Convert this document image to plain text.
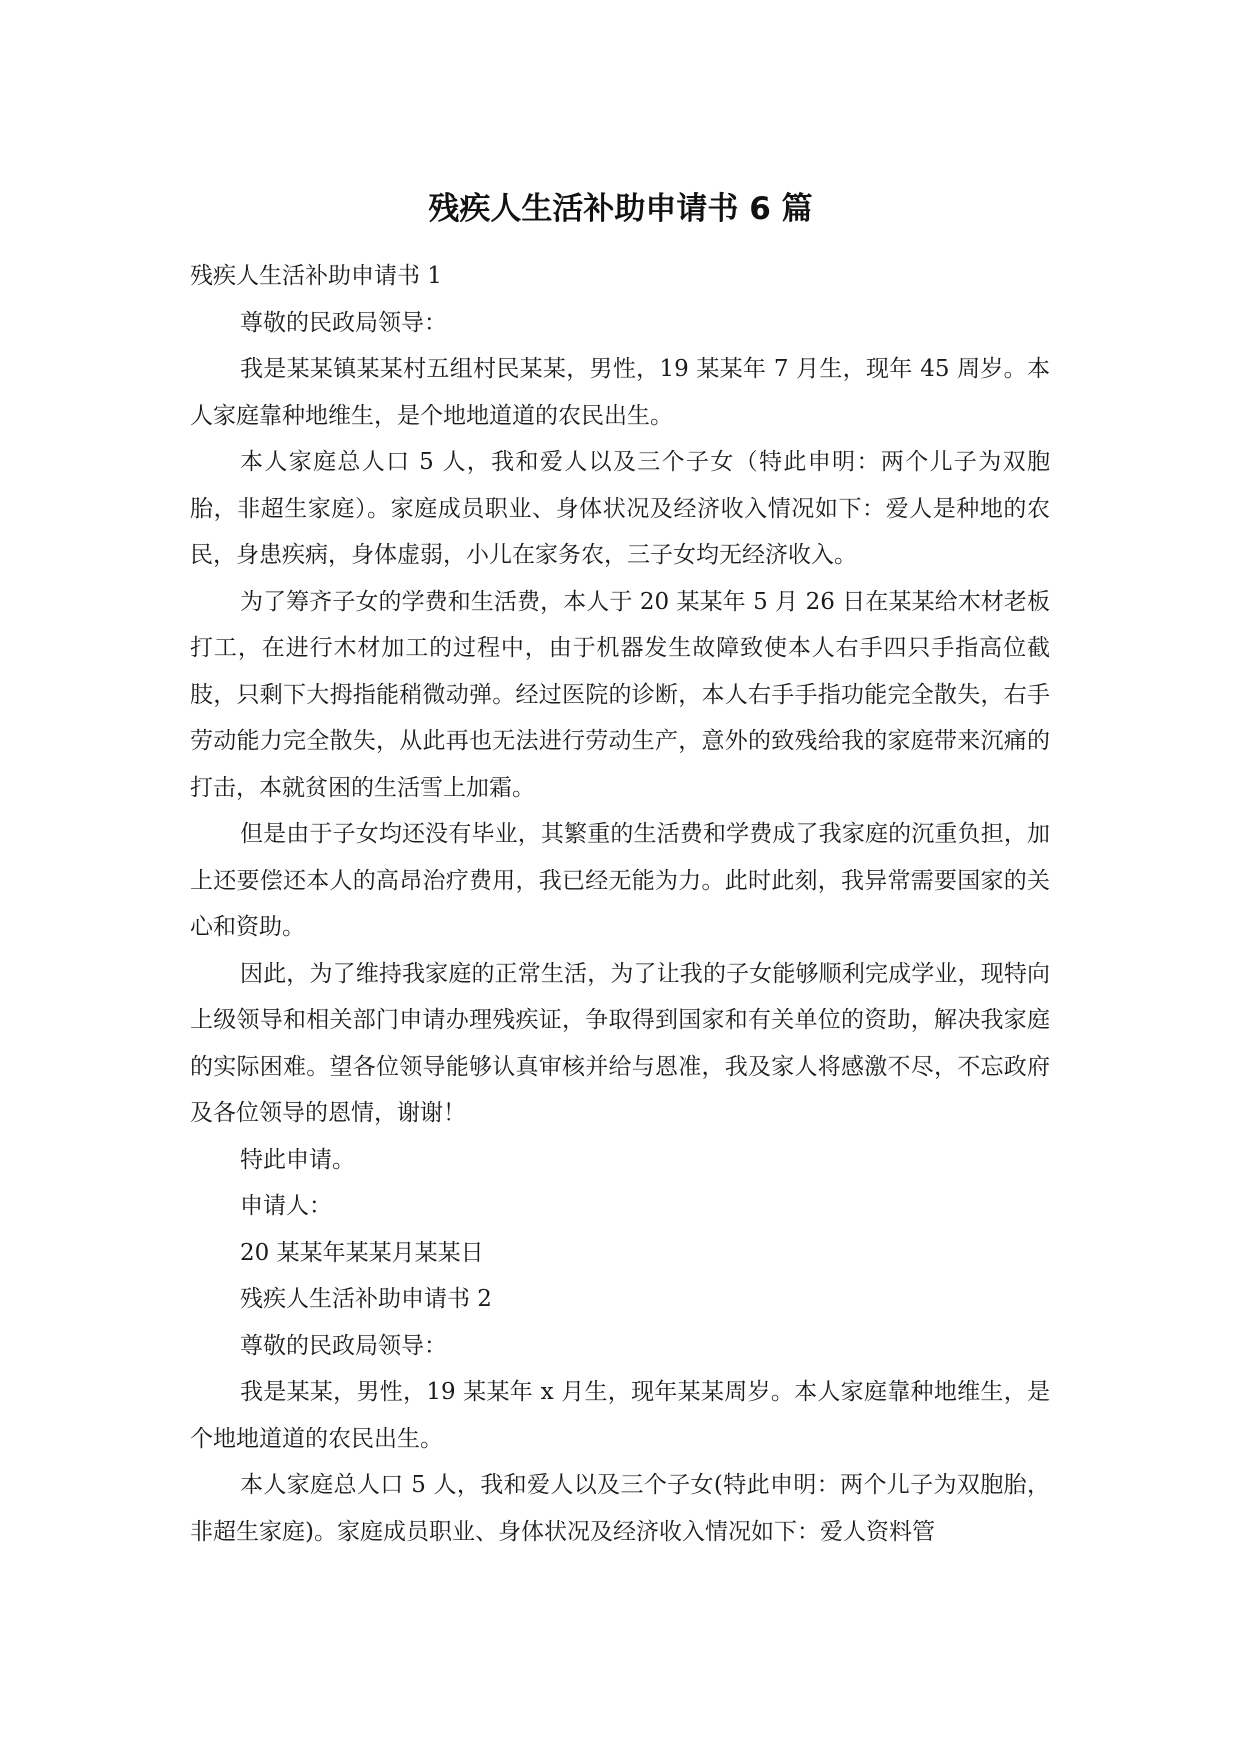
残疾人生活补助申请书 6 篇

残疾人生活补助申请书 1

尊敬的民政局领导：

我是某某镇某某村五组村民某某，男性，19 某某年 7 月生，现年 45 周岁。本人家庭靠种地维生，是个地地道道的农民出生。

本人家庭总人口 5 人，我和爱人以及三个子女（特此申明：两个儿子为双胞胎，非超生家庭）。家庭成员职业、身体状况及经济收入情况如下：爱人是种地的农民，身患疾病，身体虚弱，小儿在家务农，三子女均无经济收入。

为了筹齐子女的学费和生活费，本人于 20 某某年 5 月 26 日在某某给木材老板打工，在进行木材加工的过程中，由于机器发生故障致使本人右手四只手指高位截肢，只剩下大拇指能稍微动弹。经过医院的诊断，本人右手手指功能完全散失，右手劳动能力完全散失，从此再也无法进行劳动生产，意外的致残给我的家庭带来沉痛的打击，本就贫困的生活雪上加霜。

但是由于子女均还没有毕业，其繁重的生活费和学费成了我家庭的沉重负担，加上还要偿还本人的高昂治疗费用，我已经无能为力。此时此刻，我异常需要国家的关心和资助。

因此，为了维持我家庭的正常生活，为了让我的子女能够顺利完成学业，现特向上级领导和相关部门申请办理残疾证，争取得到国家和有关单位的资助，解决我家庭的实际困难。望各位领导能够认真审核并给与恩准，我及家人将感激不尽，不忘政府及各位领导的恩情，谢谢！

特此申请。

申请人：

20 某某年某某月某某日

残疾人生活补助申请书 2

尊敬的民政局领导：

我是某某，男性，19 某某年 x 月生，现年某某周岁。本人家庭靠种地维生，是个地地道道的农民出生。

本人家庭总人口 5 人，我和爱人以及三个子女(特此申明：两个儿子为双胞胎，非超生家庭)。家庭成员职业、身体状况及经济收入情况如下：爱人资料管
